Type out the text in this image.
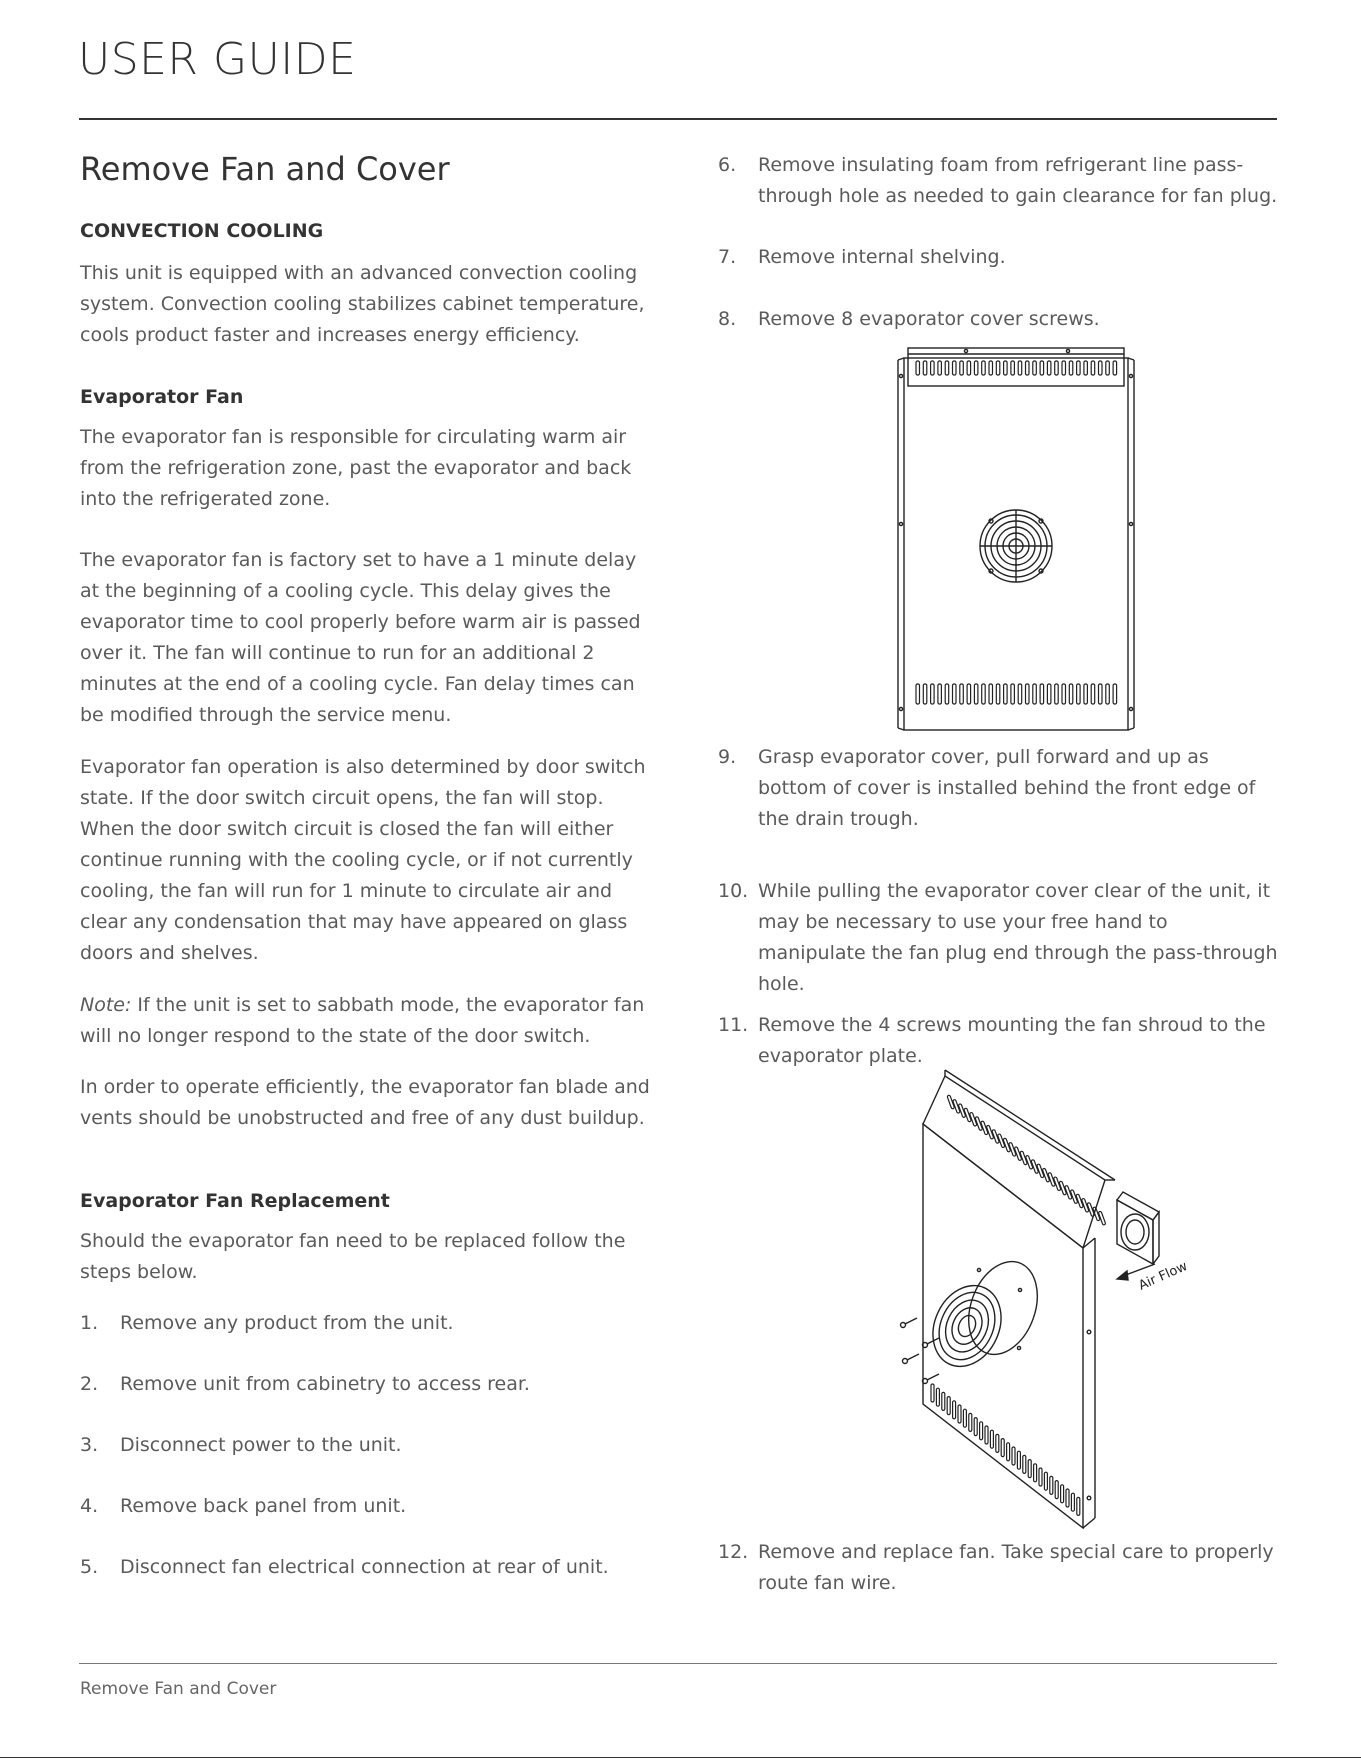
USER GUIDE
Remove Fan and Cover
CONVECTION COOLING
This unit is equipped with an advanced convection cooling system. Convection cooling stabilizes cabinet temperature, cools product faster and increases energy efficiency.
Evaporator Fan
The evaporator fan is responsible for circulating warm air from the refrigeration zone, past the evaporator and back into the refrigerated zone.
The evaporator fan is factory set to have a 1 minute delay at the beginning of a cooling cycle. This delay gives the evaporator time to cool properly before warm air is passed over it. The fan will continue to run for an additional 2 minutes at the end of a cooling cycle. Fan delay times can be modified through the service menu.
Evaporator fan operation is also determined by door switch state. If the door switch circuit opens, the fan will stop. When the door switch circuit is closed the fan will either continue running with the cooling cycle, or if not currently cooling, the fan will run for 1 minute to circulate air and clear any condensation that may have appeared on glass doors and shelves.
Note: If the unit is set to sabbath mode, the evaporator fan will no longer respond to the state of the door switch.
In order to operate efficiently, the evaporator fan blade and vents should be unobstructed and free of any dust buildup.
Evaporator Fan Replacement
Should the evaporator fan need to be replaced follow the steps below.
1. Remove any product from the unit.
2. Remove unit from cabinetry to access rear.
3. Disconnect power to the unit.
4. Remove back panel from unit.
5. Disconnect fan electrical connection at rear of unit.
6. Remove insulating foam from refrigerant line pass-through hole as needed to gain clearance for fan plug.
7. Remove internal shelving.
8. Remove 8 evaporator cover screws.
9. Grasp evaporator cover, pull forward and up as bottom of cover is installed behind the front edge of the drain trough.
10. While pulling the evaporator cover clear of the unit, it may be necessary to use your free hand to manipulate the fan plug end through the pass-through hole.
11. Remove the 4 screws mounting the fan shroud to the evaporator plate.
12. Remove and replace fan. Take special care to properly route fan wire.
Air Flow
Remove Fan and Cover
